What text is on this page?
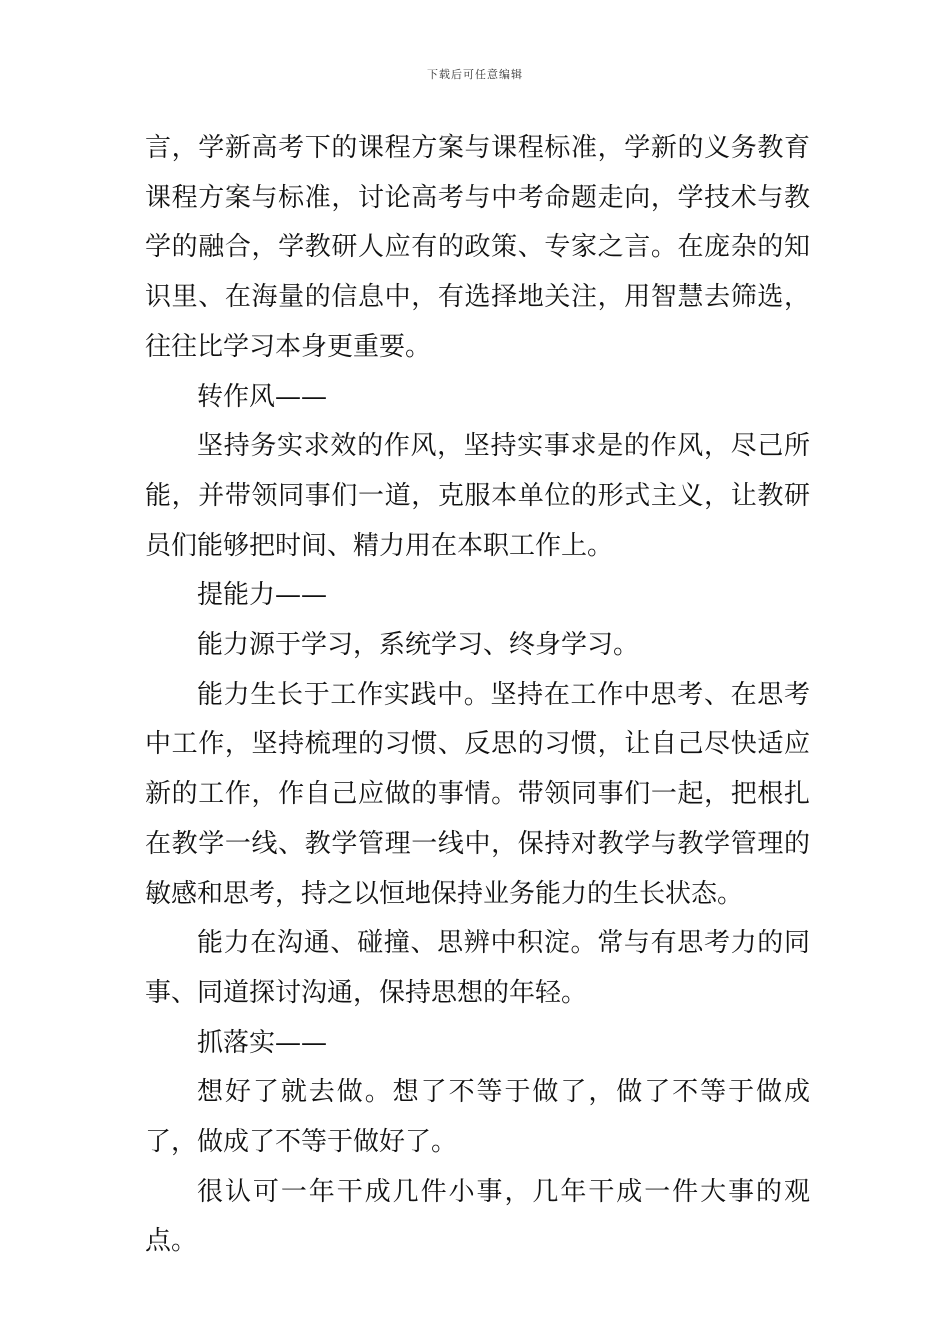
下载后可任意编辑

言，学新高考下的课程方案与课程标准，学新的义务教育课程方案与标准，讨论高考与中考命题走向，学技术与教学的融合，学教研人应有的政策、专家之言。在庞杂的知识里、在海量的信息中，有选择地关注，用智慧去筛选，往往比学习本身更重要。

转作风——

坚持务实求效的作风，坚持实事求是的作风，尽己所能，并带领同事们一道，克服本单位的形式主义，让教研员们能够把时间、精力用在本职工作上。

提能力——

能力源于学习，系统学习、终身学习。

能力生长于工作实践中。坚持在工作中思考、在思考中工作，坚持梳理的习惯、反思的习惯，让自己尽快适应新的工作，作自己应做的事情。带领同事们一起，把根扎在教学一线、教学管理一线中，保持对教学与教学管理的敏感和思考，持之以恒地保持业务能力的生长状态。

能力在沟通、碰撞、思辨中积淀。常与有思考力的同事、同道探讨沟通，保持思想的年轻。

抓落实——

想好了就去做。想了不等于做了，做了不等于做成了，做成了不等于做好了。

很认可一年干成几件小事，几年干成一件大事的观点。
